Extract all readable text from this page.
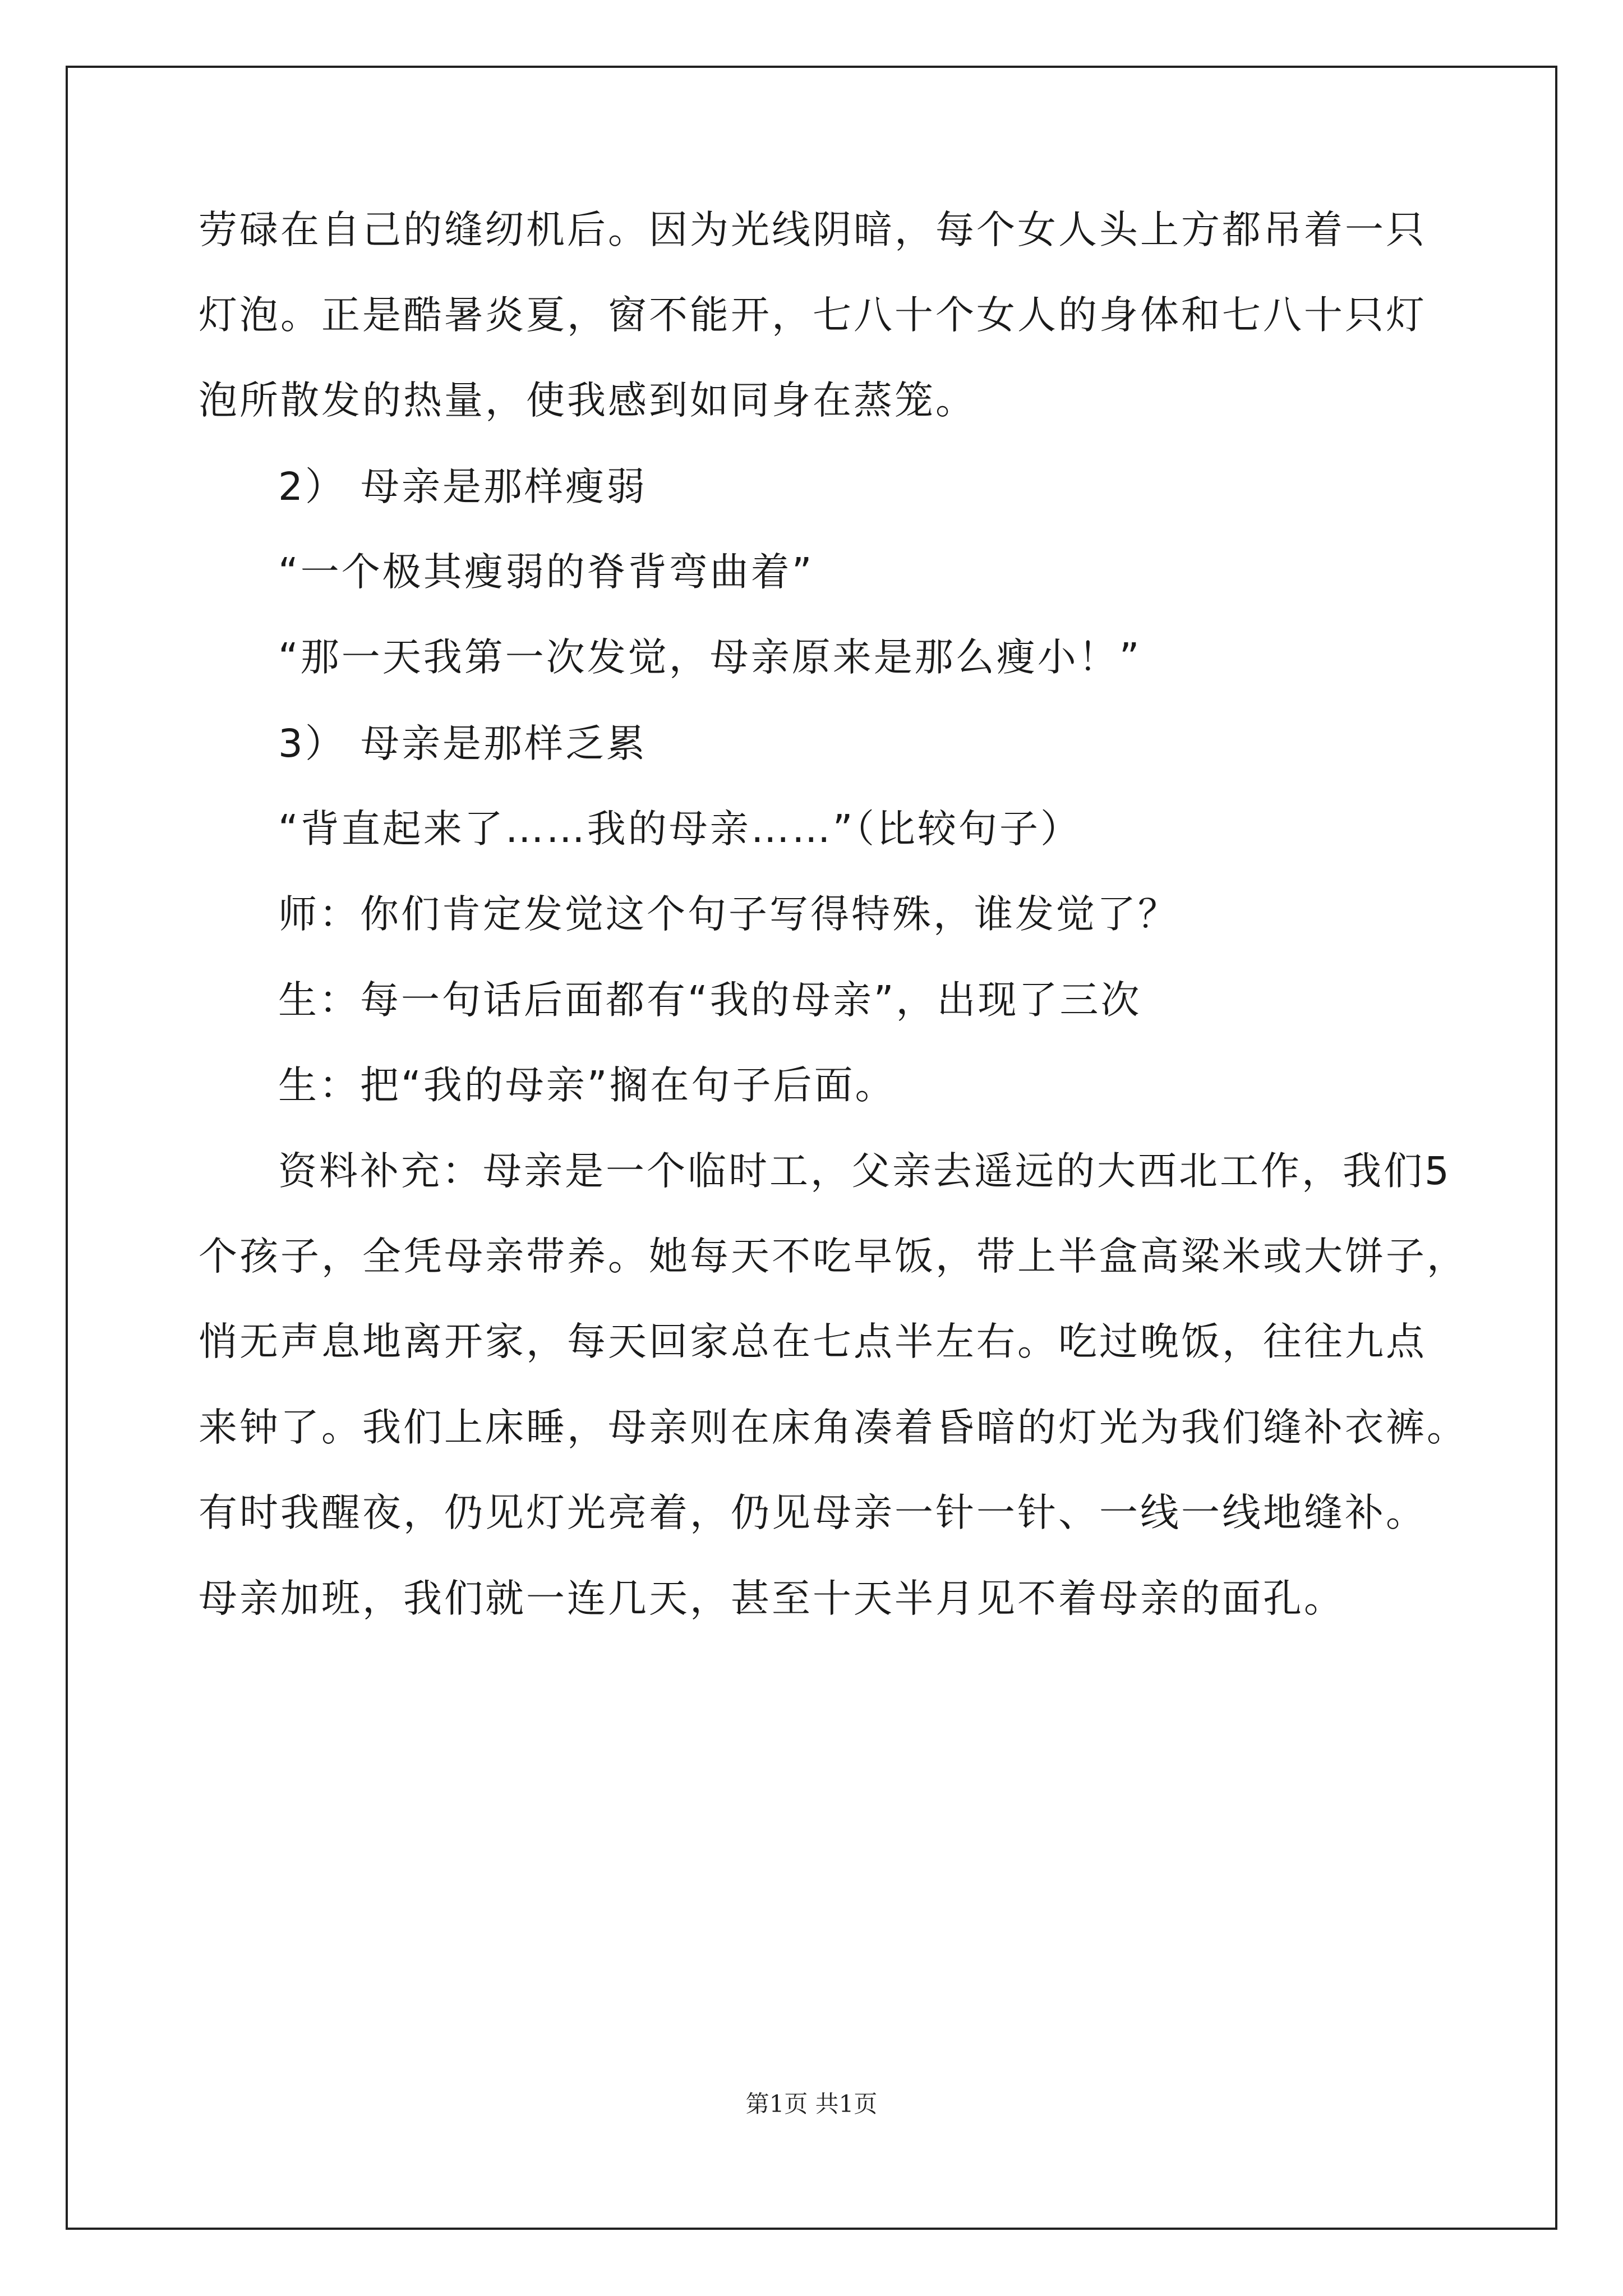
劳碌在自己的缝纫机后。因为光线阴暗，每个女人头上方都吊着一只
灯泡。正是酷暑炎夏，窗不能开，七八十个女人的身体和七八十只灯
泡所散发的热量，使我感到如同身在蒸笼。
2） 母亲是那样瘦弱
“一个极其瘦弱的脊背弯曲着”
“那一天我第一次发觉，母亲原来是那么瘦小！”
3） 母亲是那样乏累
“背直起来了……我的母亲……”（比较句子）
师：你们肯定发觉这个句子写得特殊，谁发觉了？
生：每一句话后面都有“我的母亲”，出现了三次
生：把“我的母亲”搁在句子后面。
资料补充：母亲是一个临时工，父亲去遥远的大西北工作，我们5
个孩子，全凭母亲带养。她每天不吃早饭，带上半盒高粱米或大饼子，
悄无声息地离开家，每天回家总在七点半左右。吃过晚饭，往往九点
来钟了。我们上床睡，母亲则在床角凑着昏暗的灯光为我们缝补衣裤。
有时我醒夜，仍见灯光亮着，仍见母亲一针一针、一线一线地缝补。
母亲加班，我们就一连几天，甚至十天半月见不着母亲的面孔。
第1页 共1页
